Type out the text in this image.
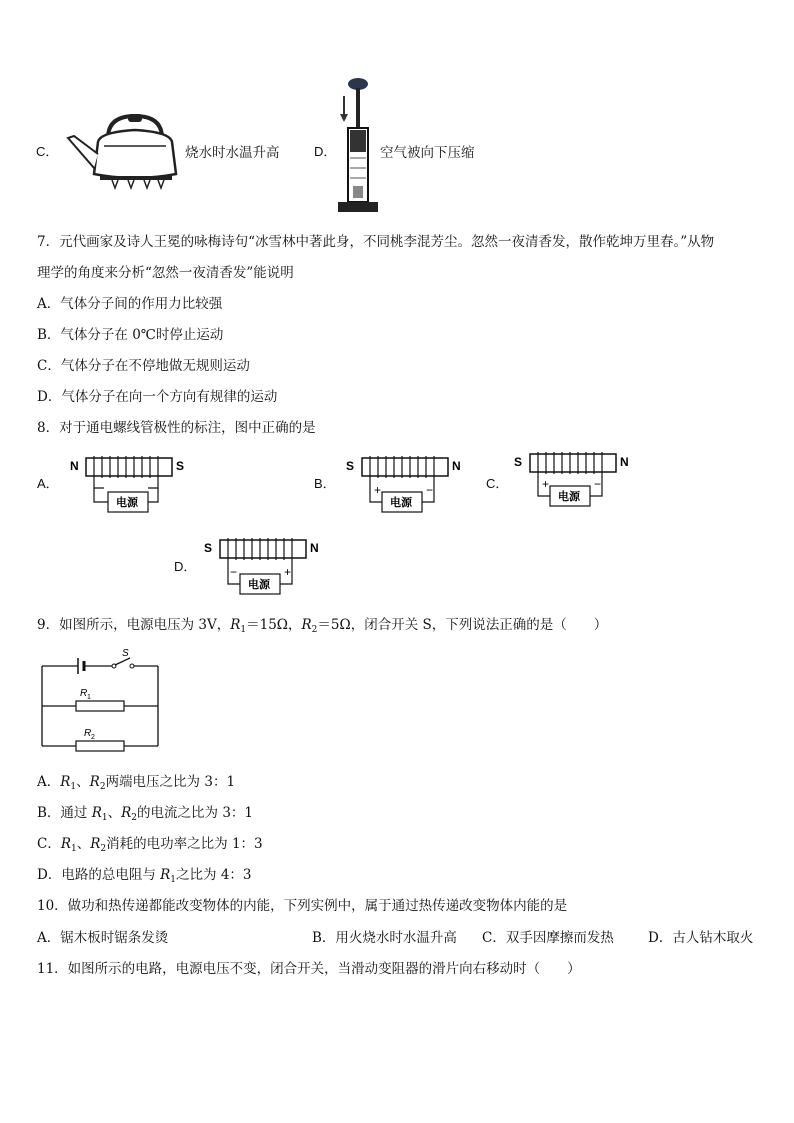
C．	烧水时水温升高	D．	空气被向下压缩
7．元代画家及诗人王冕的咏梅诗句“冰雪林中著此身，不同桃李混芳尘。忽然一夜清香发，散作乾坤万里春。”从物
理学的角度来分析“忽然一夜清香发”能说明
A．气体分子间的作用力比较强
B．气体分子在 0℃时停止运动
C．气体分子在不停地做无规则运动
D．气体分子在向一个方向有规律的运动
8．对于通电螺线管极性的标注，图中正确的是
A．
N	S
电源
B．
S	N
电源
+	−	C．
S	N
电源
+	−
D．
S	N
电源
−	+
9．如图所示，电源电压为 3V，$R_1=15\Omega$，$R_2=5\Omega$，闭合开关 S，下列说法正确的是（　　）
S
R 1
R 2
A．$R_1$、$R_2$两端电压之比为 3：1
B．通过 $R_1$、$R_2$的电流之比为 3：1
C．$R_1$、$R_2$消耗的电功率之比为 1：3
D．电路的总电阻与 $R_1$之比为 4：3
10．做功和热传递都能改变物体的内能，下列实例中，属于通过热传递改变物体内能的是
A．锯木板时锯条发烫	B．用火烧水时水温升高 C．双手因摩擦而发热	D．古人钻木取火
11．如图所示的电路，电源电压不变，闭合开关，当滑动变阻器的滑片向右移动时（　　）
